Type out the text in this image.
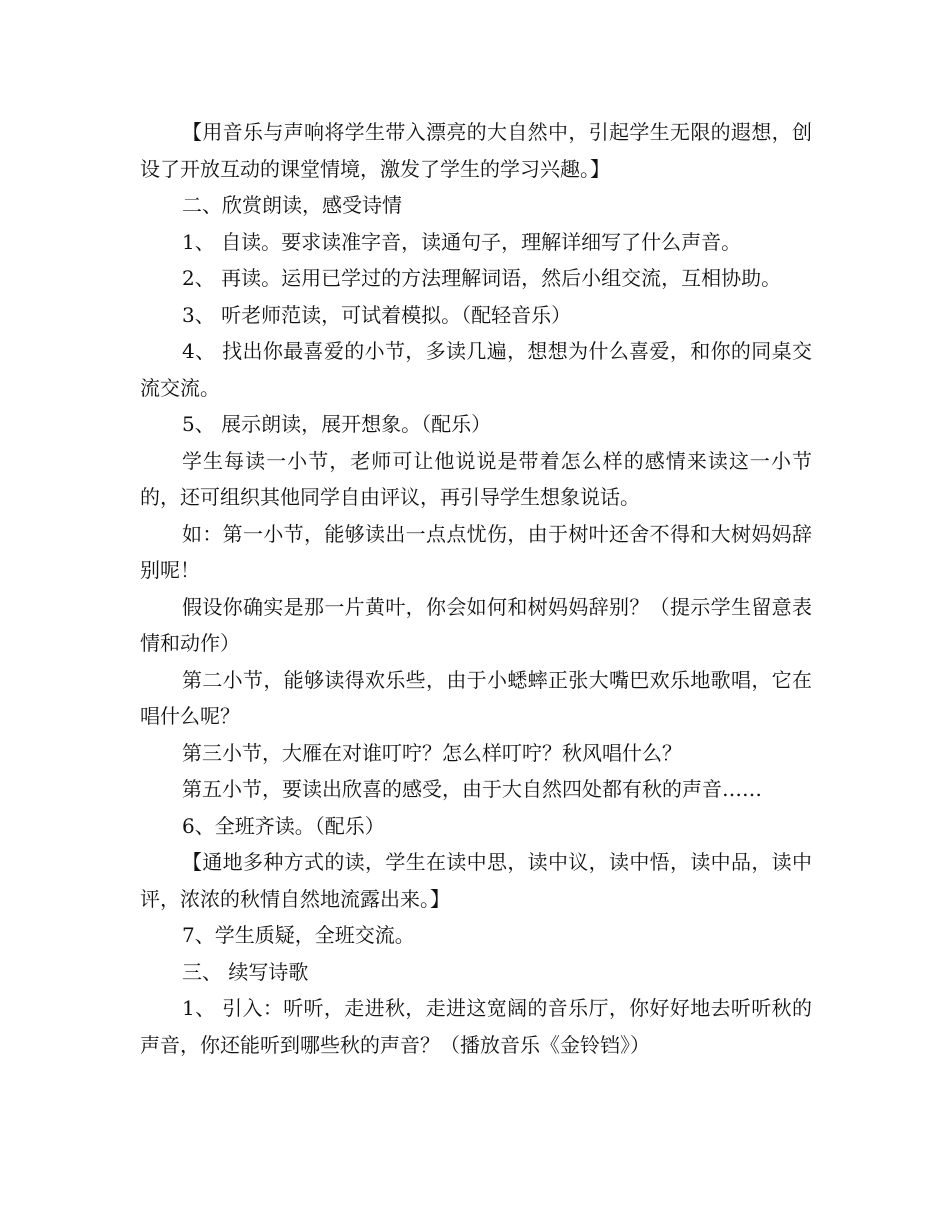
【用音乐与声响将学生带入漂亮的大自然中，引起学生无限的遐想，创设了开放互动的课堂情境，激发了学生的学习兴趣。】

二、欣赏朗读，感受诗情

1、 自读。要求读准字音，读通句子，理解详细写了什么声音。

2、 再读。运用已学过的方法理解词语，然后小组交流，互相协助。

3、 听老师范读，可试着模拟。（配轻音乐）

4、 找出你最喜爱的小节，多读几遍，想想为什么喜爱，和你的同桌交流交流。

5、 展示朗读，展开想象。（配乐）

学生每读一小节，老师可让他说说是带着怎么样的感情来读这一小节的，还可组织其他同学自由评议，再引导学生想象说话。

如：第一小节，能够读出一点点忧伤，由于树叶还舍不得和大树妈妈辞别呢！

假设你确实是那一片黄叶，你会如何和树妈妈辞别？（提示学生留意表情和动作）

第二小节，能够读得欢乐些，由于小蟋蟀正张大嘴巴欢乐地歌唱，它在唱什么呢？

第三小节，大雁在对谁叮咛？怎么样叮咛？秋风唱什么？

第五小节，要读出欣喜的感受，由于大自然四处都有秋的声音……

6、全班齐读。（配乐）

【通地多种方式的读，学生在读中思，读中议，读中悟，读中品，读中评，浓浓的秋情自然地流露出来。】

7、学生质疑，全班交流。

三、 续写诗歌

1、 引入：听听，走进秋，走进这宽阔的音乐厅，你好好地去听听秋的声音，你还能听到哪些秋的声音？（播放音乐《金铃铛》）
